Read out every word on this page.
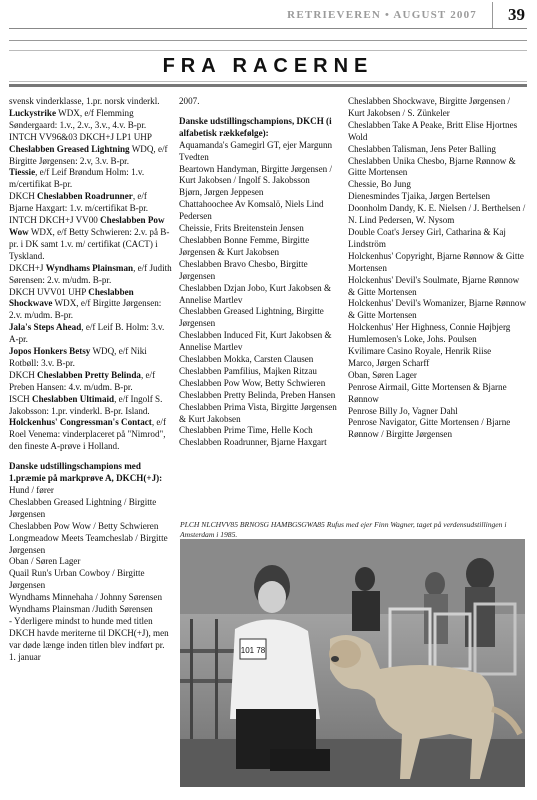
RETRIEVEREN • AUGUST 2007 39
FRA RACERNE

svensk vinderklasse, 1.pr. norsk vinderkl.

Luckystrike WDX, e/f Flemming Søndergaard: 1.v., 2.v., 3.v., 4.v. B-pr.

INTCH VV96&03 DKCH+J LP1 UHP Cheslabben Greased Lightning WDQ, e/f Birgitte Jørgensen: 2.v, 3.v. B-pr.

Tiessie, e/f Leif Brøndum Holm: 1.v. m/certifikat B-pr.

DKCH Cheslabben Roadrunner, e/f Bjarne Haxgart: 1.v. m/certifikat B-pr.

INTCH DKCH+J VV00 Cheslabben Pow Wow WDX, e/f Betty Schwieren: 2.v. på B-pr. i DK samt 1.v. m/ certifikat (CACT) i Tyskland.

DKCH+J Wyndhams Plainsman, e/f Judith Sørensen: 2.v. m/udm. B-pr.

DKCH UVV01 UHP Cheslabben Shockwave WDX, e/f Birgitte Jørgensen: 2.v. m/udm. B-pr.

Jala's Steps Ahead, e/f Leif B. Holm: 3.v. A-pr.

Jopos Honkers Betsy WDQ, e/f Niki Rotbøll: 3.v. B-pr.

DKCH Cheslabben Pretty Belinda, e/f Preben Hansen: 4.v. m/udm. B-pr.

ISCH Cheslabben Ultimaid, e/f Ingolf S. Jakobsson: 1.pr. vinderkl. B-pr. Island.

Holckenhus' Congressman's Contact, e/f Roel Venema: vinderplaceret på "Nimrod", den fineste A-prøve i Holland.

Danske udstillingschampions med 1.præmie på markprøve A, DKCH(+J):

Hund / fører

Cheslabben Greased Lightning / Birgitte Jørgensen

Cheslabben Pow Wow / Betty Schwieren

Longmeadow Meets Teamcheslab / Birgitte Jørgensen

Oban / Søren Lager

Quail Run's Urban Cowboy / Birgitte Jørgensen

Wyndhams Minnehaha / Johnny Sørensen

Wyndhams Plainsman /Judith Sørensen

- Yderligere mindst to hunde med titlen DKCH havde meriterne til DKCH(+J), men var døde længe inden titlen blev indført pr. 1. januar

2007.

Danske udstillingschampions, DKCH (i alfabetisk rækkefølge):

Aquamanda's Gamegirl GT, ejer Margunn Tvedten

Beartown Handyman, Birgitte Jørgensen / Kurt Jakobsen / Ingolf S. Jakobsson

Bjørn, Jørgen Jeppesen

Chattahoochee Av Komsalö, Niels Lind Pedersen

Cheissie, Frits Breitenstein Jensen

Cheslabben Bonne Femme, Birgitte Jørgensen & Kurt Jakobsen

Cheslabben Bravo Chesbo, Birgitte Jørgensen

Cheslabben Dzjan Jobo, Kurt Jakobsen & Annelise Martlev

Cheslabben Greased Lightning, Birgitte Jørgensen

Cheslabben Induced Fit, Kurt Jakobsen & Annelise Martlev

Cheslabben Mokka, Carsten Clausen

Cheslabben Pamfilius, Majken Ritzau

Cheslabben Pow Wow, Betty Schwieren

Cheslabben Pretty Belinda, Preben Hansen

Cheslabben Prima Vista, Birgitte Jørgensen & Kurt Jakobsen

Cheslabben Prime Time, Helle Koch

Cheslabben Roadrunner, Bjarne Haxgart

Cheslabben Shockwave, Birgitte Jørgensen / Kurt Jakobsen / S. Zünkeler

Cheslabben Take A Peake, Britt Elise Hjortnes Wold

Cheslabben Talisman, Jens Peter Balling

Cheslabben Unika Chesbo, Bjarne Rønnow & Gitte Mortensen

Chessie, Bo Jung

Dienesmindes Tjaika, Jørgen Bertelsen

Doonholm Dandy, K. E. Nielsen / J. Berthelsen / N. Lind Pedersen, W. Nysom

Double Coat's Jersey Girl, Catharina & Kaj Lindström

Holckenhus' Copyright, Bjarne Rønnow & Gitte Mortensen

Holckenhus' Devil's Soulmate, Bjarne Rønnow & Gitte Mortensen

Holckenhus' Devil's Womanizer, Bjarne Rønnow & Gitte Mortensen

Holckenhus' Her Highness, Connie Højbjerg

Humlemosen's Loke, Johs. Poulsen

Kvilimare Casino Royale, Henrik Riise

Marco, Jørgen Scharff

Oban, Søren Lager

Penrose Airmail, Gitte Mortensen & Bjarne Rønnow

Penrose Billy Jo, Vagner Dahl

Penrose Navigator, Gitte Mortensen / Bjarne Rønnow / Birgitte Jørgensen

PLCH NLCHVV85 BRNOSG HAMBGSGWA85 Rufus med ejer Finn Wagner, taget på verdensudstillingen i Amsterdam i 1985.
101 78
